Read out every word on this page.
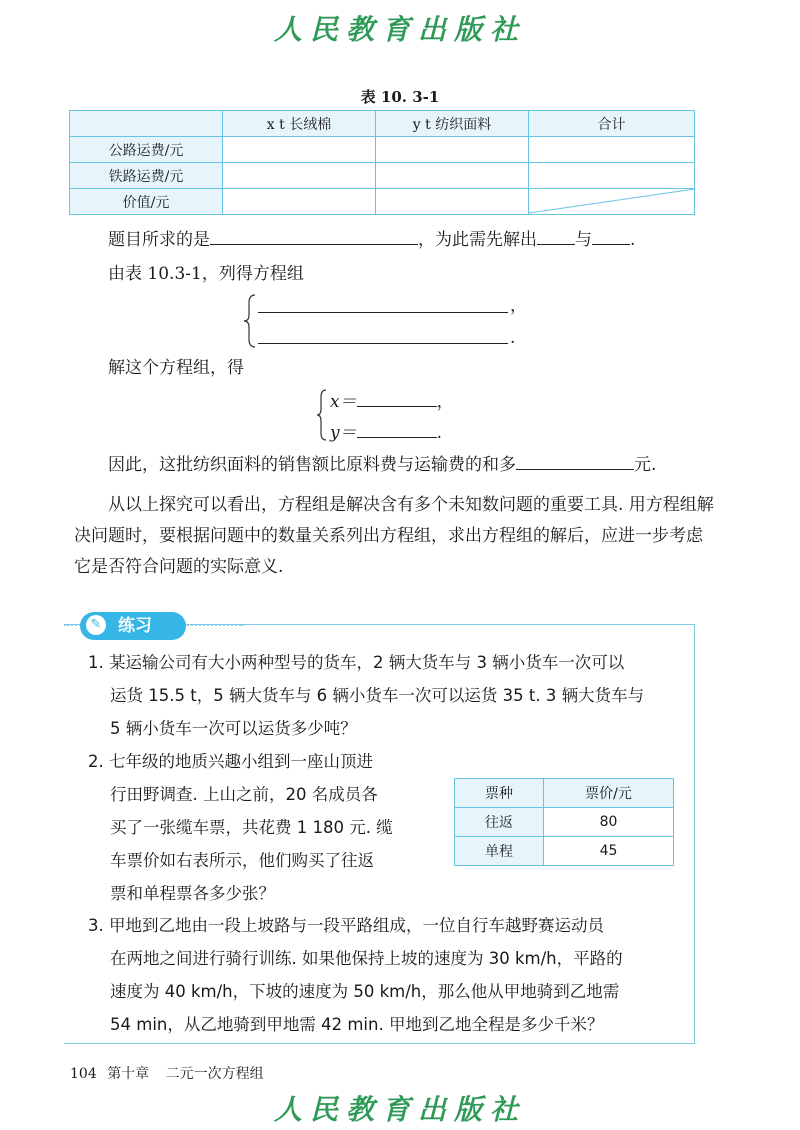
人民教育出版社
表 10. 3-1
	x t 长绒棉	y t 纺织面料	合计
公路运费/元			
铁路运费/元			
价值/元			
题目所求的是	，为此需先解出 与 .
由表 10.3-1，列得方程组
，
.
解这个方程组，得
x＝	，
y＝	.
因此，这批纺织面料的销售额比原料费与运输费的和多	元.
从以上探究可以看出，方程组是解决含有多个未知数问题的重要工具. 用方程组解决问题时，要根据问题中的数量关系列出方程组，求出方程组的解后，应进一步考虑它是否符合问题的实际意义.
✎ 练习
1. 某运输公司有大小两种型号的货车，2 辆大货车与 3 辆小货车一次可以
运货 15.5 t，5 辆大货车与 6 辆小货车一次可以运货 35 t. 3 辆大货车与
5 辆小货车一次可以运货多少吨？
2. 七年级的地质兴趣小组到一座山顶进
行田野调查. 上山之前，20 名成员各
买了一张缆车票，共花费 1 180 元. 缆
车票价如右表所示，他们购买了往返
票和单程票各多少张？
票种	票价/元
往返	80
单程	45
3. 甲地到乙地由一段上坡路与一段平路组成，一位自行车越野赛运动员
在两地之间进行骑行训练. 如果他保持上坡的速度为 30 km/h，平路的
速度为 40 km/h，下坡的速度为 50 km/h，那么他从甲地骑到乙地需
54 min，从乙地骑到甲地需 42 min. 甲地到乙地全程是多少千米？
104 第十章 二元一次方程组
人民教育出版社
